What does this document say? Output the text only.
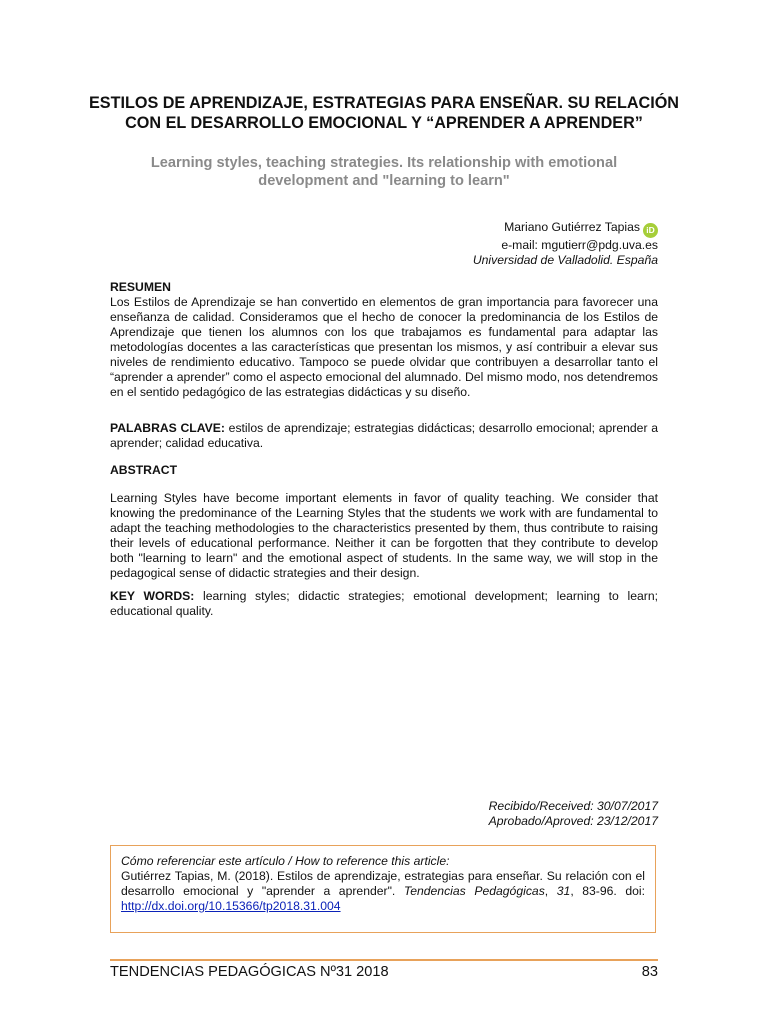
ESTILOS DE APRENDIZAJE, ESTRATEGIAS PARA ENSEÑAR. SU RELACIÓN CON EL DESARROLLO EMOCIONAL Y “APRENDER A APRENDER”
Learning styles, teaching strategies. Its relationship with emotional development and "learning to learn"
Mariano Gutiérrez Tapias iD
e-mail: mgutierr@pdg.uva.es
Universidad de Valladolid. España
RESUMEN
Los Estilos de Aprendizaje se han convertido en elementos de gran importancia para favorecer una enseñanza de calidad. Consideramos que el hecho de conocer la predominancia de los Estilos de Aprendizaje que tienen los alumnos con los que trabajamos es fundamental para adaptar las metodologías docentes a las características que presentan los mismos, y así contribuir a elevar sus niveles de rendimiento educativo. Tampoco se puede olvidar que contribuyen a desarrollar tanto el “aprender a aprender” como el aspecto emocional del alumnado. Del mismo modo, nos detendremos en el sentido pedagógico de las estrategias didácticas y su diseño.
PALABRAS CLAVE: estilos de aprendizaje; estrategias didácticas; desarrollo emocional; aprender a aprender; calidad educativa.
ABSTRACT
Learning Styles have become important elements in favor of quality teaching. We consider that knowing the predominance of the Learning Styles that the students we work with are fundamental to adapt the teaching methodologies to the characteristics presented by them, thus contribute to raising their levels of educational performance. Neither it can be forgotten that they contribute to develop both "learning to learn" and the emotional aspect of students. In the same way, we will stop in the pedagogical sense of didactic strategies and their design.
KEY WORDS: learning styles; didactic strategies; emotional development; learning to learn; educational quality.
Recibido/Received: 30/07/2017
Aprobado/Aproved: 23/12/2017
Cómo referenciar este artículo / How to reference this article:
Gutiérrez Tapias, M. (2018). Estilos de aprendizaje, estrategias para enseñar. Su relación con el desarrollo emocional y "aprender a aprender". Tendencias Pedagógicas, 31, 83-96. doi: http://dx.doi.org/10.15366/tp2018.31.004
TENDENCIAS PEDAGÓGICAS Nº31 2018	83
